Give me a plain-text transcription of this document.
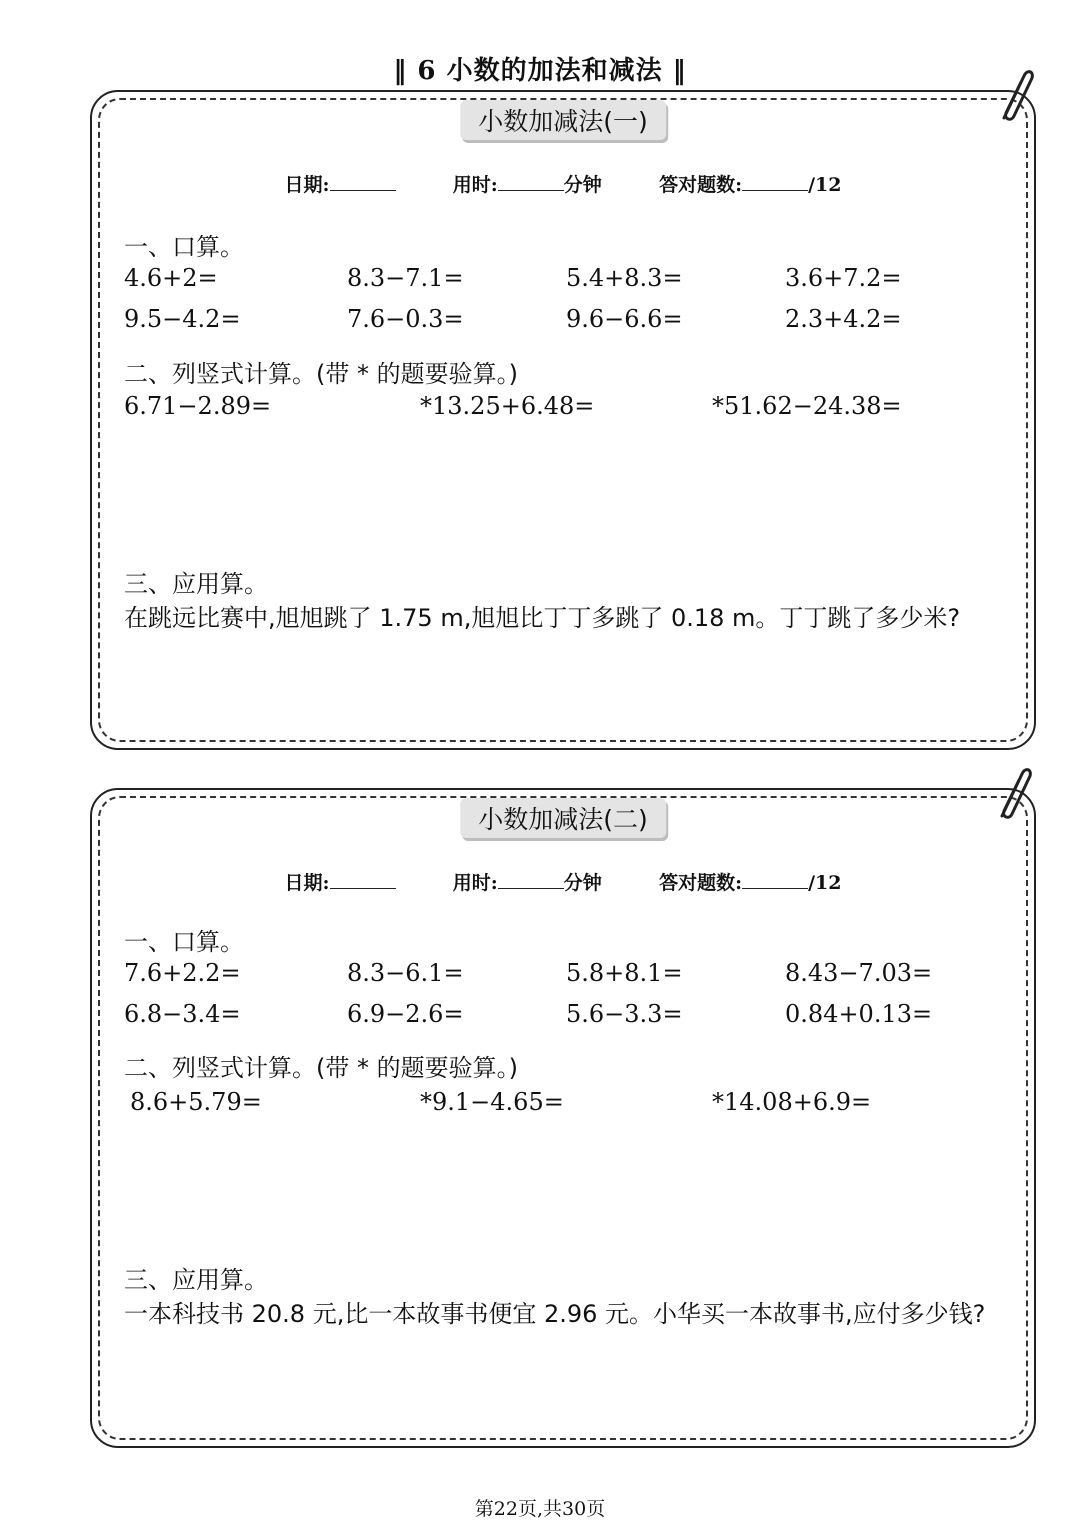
‖ 6 小数的加法和减法 ‖
小数加减法(一)
日期:	用时:	分钟	答对题数:	/12
一、口算。
4.6+2=	8.3−7.1=	5.4+8.3=	3.6+7.2=
9.5−4.2=	7.6−0.3=	9.6−6.6=	2.3+4.2=
二、列竖式计算。(带 * 的题要验算。)
6.71−2.89=	*13.25+6.48=	*51.62−24.38=
三、应用算。
在跳远比赛中,旭旭跳了 1.75 m,旭旭比丁丁多跳了 0.18 m。丁丁跳了多少米?
小数加减法(二)
日期:	用时:	分钟	答对题数:	/12
一、口算。
7.6+2.2=	8.3−6.1=	5.8+8.1=	8.43−7.03=
6.8−3.4=	6.9−2.6=	5.6−3.3=	0.84+0.13=
二、列竖式计算。(带 * 的题要验算。)
8.6+5.79=	*9.1−4.65=	*14.08+6.9=
三、应用算。
一本科技书 20.8 元,比一本故事书便宜 2.96 元。小华买一本故事书,应付多少钱?
第22页,共30页
